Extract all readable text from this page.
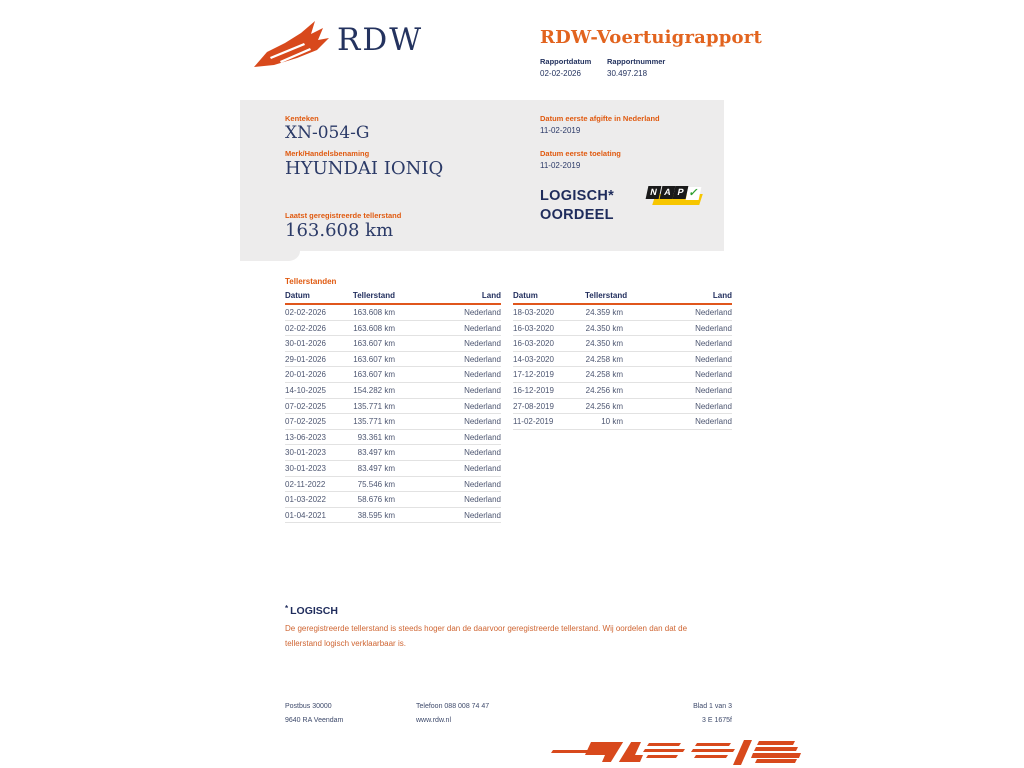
RDW	RDW-Voertuigrapport
Rapportdatum Rapportnummer
02-02-2026	30.497.218
Kenteken
XN-054-G
Merk/Handelsbenaming
HYUNDAI IONIQ
Laatst geregistreerde tellerstand
163.608 km
Datum eerste afgifte in Nederland
11-02-2019
Datum eerste toelating
11-02-2019
LOGISCH*
OORDEEL
N A P ✓
Tellerstanden
Datum	Tellerstand	Land
02-02-2026	163.608 km	Nederland
02-02-2026	163.608 km	Nederland
30-01-2026	163.607 km	Nederland
29-01-2026	163.607 km	Nederland
20-01-2026	163.607 km	Nederland
14-10-2025	154.282 km	Nederland
07-02-2025	135.771 km	Nederland
07-02-2025	135.771 km	Nederland
13-06-2023	93.361 km	Nederland
30-01-2023	83.497 km	Nederland
30-01-2023	83.497 km	Nederland
02-11-2022	75.546 km	Nederland
01-03-2022	58.676 km	Nederland
01-04-2021	38.595 km	Nederland
Datum	Tellerstand	Land
18-03-2020	24.359 km	Nederland
16-03-2020	24.350 km	Nederland
16-03-2020	24.350 km	Nederland
14-03-2020	24.258 km	Nederland
17-12-2019	24.258 km	Nederland
16-12-2019	24.256 km	Nederland
27-08-2019	24.256 km	Nederland
11-02-2019	10 km	Nederland
* LOGISCH
De geregistreerde tellerstand is steeds hoger dan de daarvoor geregistreerde tellerstand. Wij oordelen dan dat de tellerstand logisch verklaarbaar is.
Postbus 30000
9640 RA Veendam
Telefoon 088 008 74 47
www.rdw.nl
Blad 1 van 3
3 E 1675f
